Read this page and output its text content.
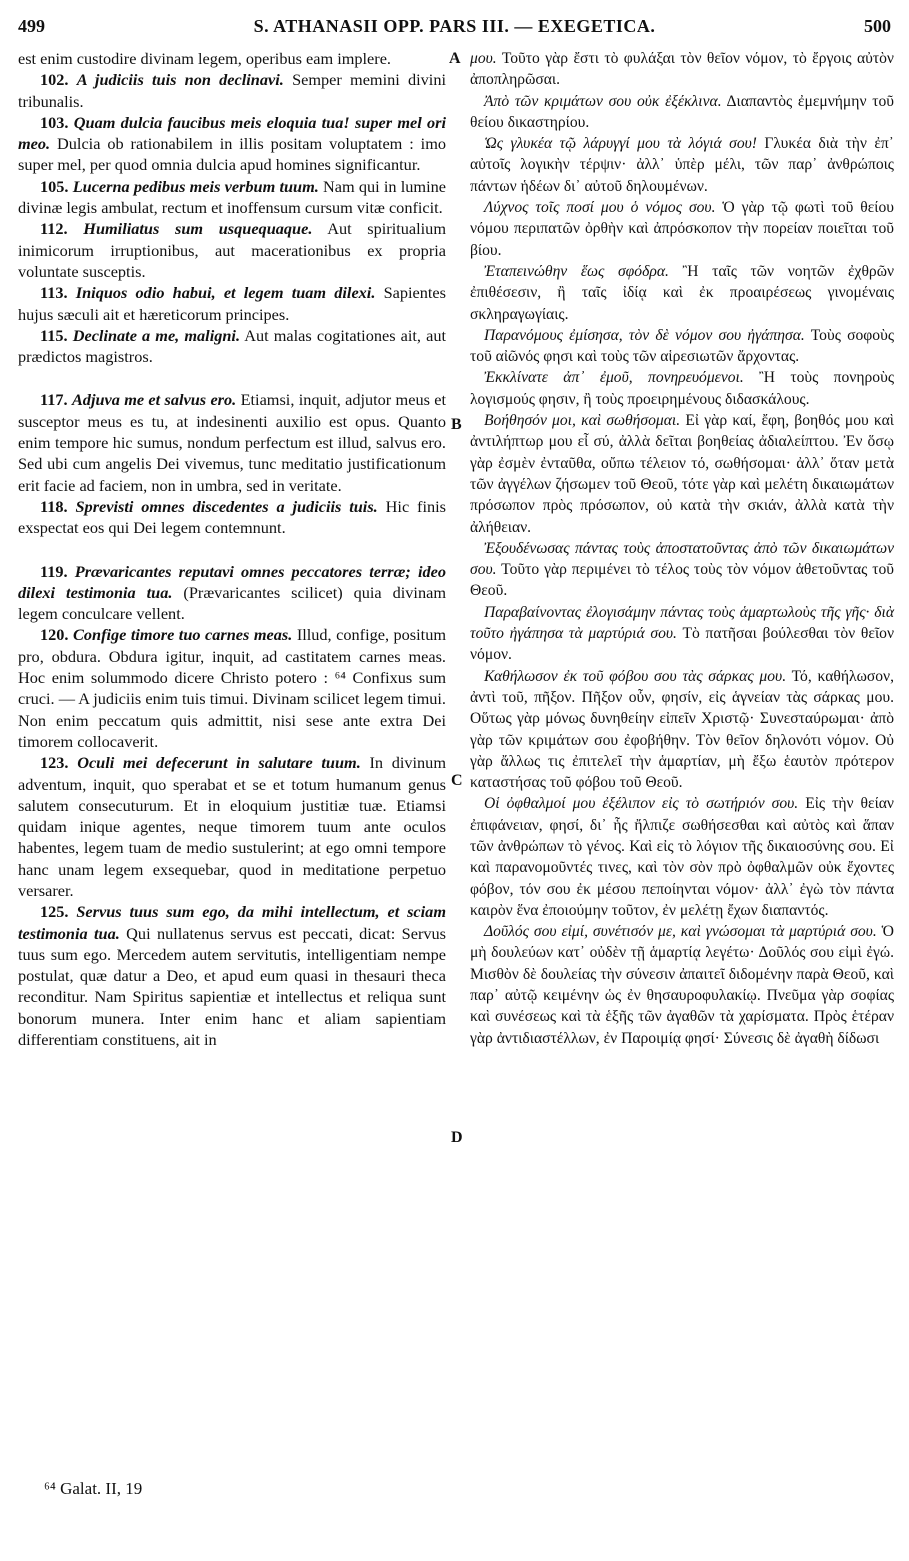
499	S. ATHANASII OPP. PARS III. — EXEGETICA.	500
A
B
C
D

est enim custodire divinam legem, operibus eam implere.

102. A judiciis tuis non declinavi. Semper memini divini tribunalis.

103. Quam dulcia faucibus meis eloquia tua! super mel ori meo. Dulcia ob rationabilem in illis positam voluptatem : imo super mel, per quod omnia dulcia apud homines significantur.

105. Lucerna pedibus meis verbum tuum. Nam qui in lumine divinæ legis ambulat, rectum et inoffensum cursum vitæ conficit.

112. Humiliatus sum usquequaque. Aut spiritualium inimicorum irruptionibus, aut macerationibus ex propria voluntate susceptis.

113. Iniquos odio habui, et legem tuam dilexi. Sapientes hujus sæculi ait et hæreticorum principes.

115. Declinate a me, maligni. Aut malas cogitationes ait, aut prædictos magistros.

117. Adjuva me et salvus ero. Etiamsi, inquit, adjutor meus et susceptor meus es tu, at indesinenti auxilio est opus. Quanto enim tempore hic sumus, nondum perfectum est illud, salvus ero. Sed ubi cum angelis Dei vivemus, tunc meditatio justificationum erit facie ad faciem, non in umbra, sed in veritate.

118. Sprevisti omnes discedentes a judiciis tuis. Hic finis exspectat eos qui Dei legem contemnunt.

119. Prævaricantes reputavi omnes peccatores terræ; ideo dilexi testimonia tua. (Prævaricantes scilicet) quia divinam legem conculcare vellent.

120. Confige timore tuo carnes meas. Illud, confige, positum pro, obdura. Obdura igitur, inquit, ad castitatem carnes meas. Hoc enim solummodo dicere Christo potero : ⁶⁴ Confixus sum cruci. — A judiciis enim tuis timui. Divinam scilicet legem timui. Non enim peccatum quis admittit, nisi sese ante extra Dei timorem collocaverit.

123. Oculi mei defecerunt in salutare tuum. In divinum adventum, inquit, quo sperabat et se et totum humanum genus salutem consecuturum. Et in eloquium justitiæ tuæ. Etiamsi quidam inique agentes, neque timorem tuum ante oculos habentes, legem tuam de medio sustulerint; at ego omni tempore hanc unam legem exsequebar, quod in meditatione perpetuo versarer.

125. Servus tuus sum ego, da mihi intellectum, et sciam testimonia tua. Qui nullatenus servus est peccati, dicat: Servus tuus sum ego. Mercedem autem servitutis, intelligentiam nempe postulat, quæ datur a Deo, et apud eum quasi in thesauri theca reconditur. Nam Spiritus sapientiæ et intellectus et reliqua sunt bonorum munera. Inter enim hanc et aliam sapientiam differentiam constituens, ait in

μου. Τοῦτο γὰρ ἔστι τὸ φυλάξαι τὸν θεῖον νόμον, τὸ ἔργοις αὐτὸν ἀποπληρῶσαι.

Ἀπὸ τῶν κριμάτων σου οὐκ ἐξέκλινα. Διαπαντὸς ἐμεμνήμην τοῦ θείου δικαστηρίου.

Ὡς γλυκέα τῷ λάρυγγί μου τὰ λόγιά σου! Γλυκέα διὰ τὴν ἐπ᾽ αὐτοῖς λογικὴν τέρψιν· ἀλλ᾽ ὑπὲρ μέλι, τῶν παρ᾽ ἀνθρώποις πάντων ἡδέων δι᾽ αὐτοῦ δηλουμένων.

Λύχνος τοῖς ποσί μου ὁ νόμος σου. Ὁ γὰρ τῷ φωτὶ τοῦ θείου νόμου περιπατῶν ὀρθὴν καὶ ἀπρόσκοπον τὴν πορείαν ποιεῖται τοῦ βίου.

Ἐταπεινώθην ἕως σφόδρα. Ἢ ταῖς τῶν νοητῶν ἐχθρῶν ἐπιθέσεσιν, ἢ ταῖς ἰδίᾳ καὶ ἐκ προαιρέσεως γινομέναις σκληραγωγίαις.

Παρανόμους ἐμίσησα, τὸν δὲ νόμον σου ἠγάπησα. Τοὺς σοφοὺς τοῦ αἰῶνός φησι καὶ τοὺς τῶν αἱρεσιωτῶν ἄρχοντας.

Ἐκκλίνατε ἀπ᾽ ἐμοῦ, πονηρευόμενοι. Ἢ τοὺς πονηροὺς λογισμούς φησιν, ἢ τοὺς προειρημένους διδασκάλους.

Βοήθησόν μοι, καὶ σωθήσομαι. Εἰ γὰρ καί, ἔφη, βοηθός μου καὶ ἀντιλήπτωρ μου εἶ σύ, ἀλλὰ δεῖται βοηθείας ἀδιαλείπτου. Ἐν ὅσῳ γὰρ ἐσμὲν ἐνταῦθα, οὔπω τέλειον τό, σωθήσομαι· ἀλλ᾽ ὅταν μετὰ τῶν ἀγγέλων ζήσωμεν τοῦ Θεοῦ, τότε γὰρ καὶ μελέτη δικαιωμάτων πρόσωπον πρὸς πρόσωπον, οὐ κατὰ τὴν σκιάν, ἀλλὰ κατὰ τὴν ἀλήθειαν.

Ἐξουδένωσας πάντας τοὺς ἀποστατοῦντας ἀπὸ τῶν δικαιωμάτων σου. Τοῦτο γὰρ περιμένει τὸ τέλος τοὺς τὸν νόμον ἀθετοῦντας τοῦ Θεοῦ.

Παραβαίνοντας ἐλογισάμην πάντας τοὺς ἁμαρτωλοὺς τῆς γῆς· διὰ τοῦτο ἠγάπησα τὰ μαρτύριά σου. Τὸ πατῆσαι βούλεσθαι τὸν θεῖον νόμον.

Καθήλωσον ἐκ τοῦ φόβου σου τὰς σάρκας μου. Τό, καθήλωσον, ἀντὶ τοῦ, πῆξον. Πῆξον οὖν, φησίν, εἰς ἁγνείαν τὰς σάρκας μου. Οὕτως γὰρ μόνως δυνηθείην εἰπεῖν Χριστῷ· Συνεσταύρωμαι· ἀπὸ γὰρ τῶν κριμάτων σου ἐφοβήθην. Τὸν θεῖον δηλονότι νόμον. Οὐ γὰρ ἄλλως τις ἐπιτελεῖ τὴν ἁμαρτίαν, μὴ ἔξω ἑαυτὸν πρότερον καταστήσας τοῦ φόβου τοῦ Θεοῦ.

Οἱ ὀφθαλμοί μου ἐξέλιπον εἰς τὸ σωτήριόν σου. Εἰς τὴν θείαν ἐπιφάνειαν, φησί, δι᾽ ἧς ἤλπιζε σωθήσεσθαι καὶ αὐτὸς καὶ ἅπαν τῶν ἀνθρώπων τὸ γένος. Καὶ εἰς τὸ λόγιον τῆς δικαιοσύνης σου. Εἰ καὶ παρανομοῦντές τινες, καὶ τὸν σὸν πρὸ ὀφθαλμῶν οὐκ ἔχοντες φόβον, τόν σου ἐκ μέσου πεποίηνται νόμον· ἀλλ᾽ ἐγὼ τὸν πάντα καιρὸν ἕνα ἐποιούμην τοῦτον, ἐν μελέτῃ ἔχων διαπαντός.

Δοῦλός σου εἰμί, συνέτισόν με, καὶ γνώσομαι τὰ μαρτύριά σου. Ὁ μὴ δουλεύων κατ᾽ οὐδὲν τῇ ἁμαρτίᾳ λεγέτω· Δοῦλός σου εἰμὶ ἐγώ. Μισθὸν δὲ δουλείας τὴν σύνεσιν ἀπαιτεῖ διδομένην παρὰ Θεοῦ, καὶ παρ᾽ αὐτῷ κειμένην ὡς ἐν θησαυροφυλακίῳ. Πνεῦμα γὰρ σοφίας καὶ συνέσεως καὶ τὰ ἑξῆς τῶν ἀγαθῶν τὰ χαρίσματα. Πρὸς ἑτέραν γὰρ ἀντιδιαστέλλων, ἐν Παροιμίᾳ φησί· Σύνεσις δὲ ἀγαθὴ δίδωσι

⁶⁴ Galat. II, 19
